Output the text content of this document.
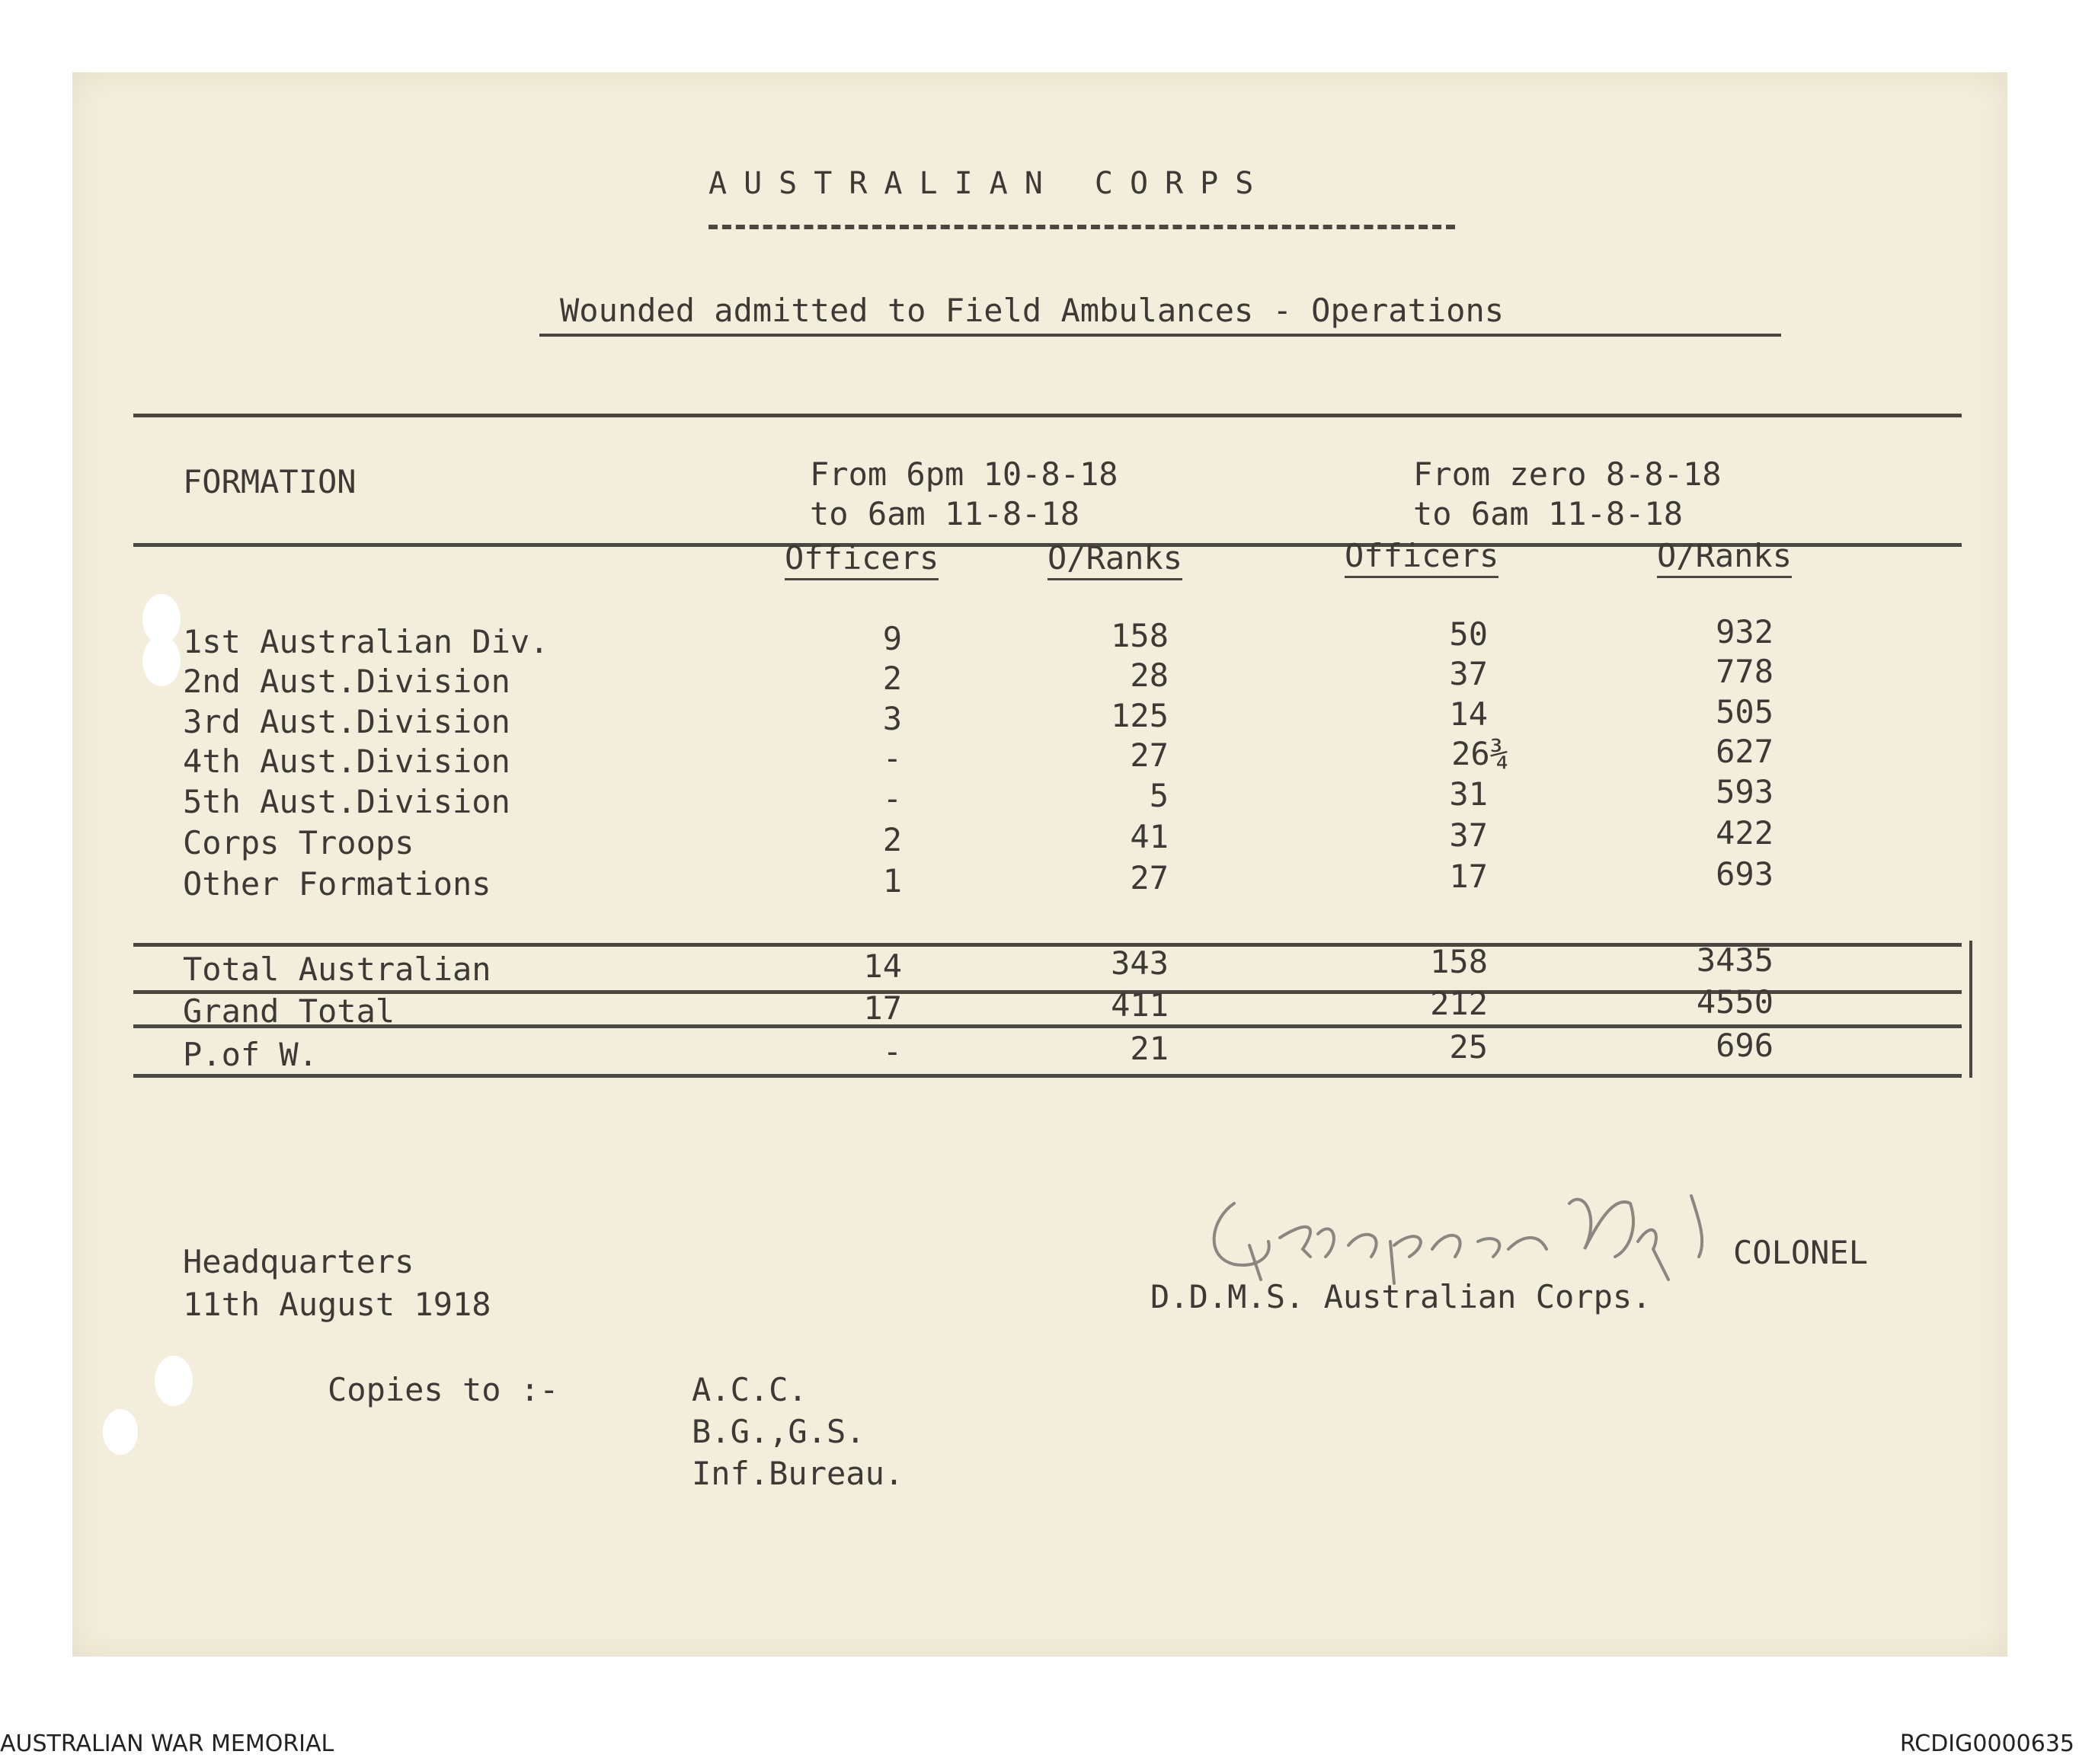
AUSTRALIAN CORPS
Wounded admitted to Field Ambulances - Operations
FORMATION	From 6pm 10-8-18
to 6am 11-8-18
From zero 8-8-18
to 6am 11-8-18
Officers	O/Ranks	Officers	O/Ranks
1st Australian Div.	9	158	50	932
2nd Aust.Division	2	28	37	778
3rd Aust.Division	3	125	14	505
4th Aust.Division	-	27	26¾	627
5th Aust.Division	-	5	31	593
Corps Troops	2	41	37	422
Other Formations	1	27	17	693
Total Australian	14	343	158	3435
Grand Total	17	411	212	4550
P.of W.	-	21	25	696
Headquarters
11th August 1918
COLONEL
D.D.M.S. Australian Corps.
Copies to :-	A.C.C.
B.G.,G.S.
Inf.Bureau.
AUSTRALIAN WAR MEMORIAL	RCDIG0000635
